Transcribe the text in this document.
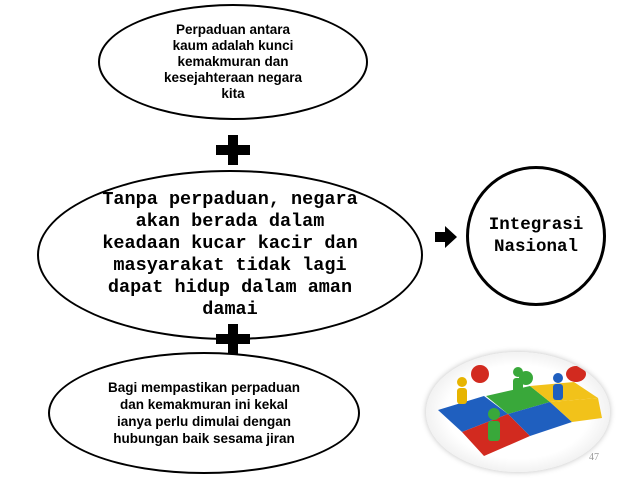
Perpaduan antara
kaum adalah kunci
kemakmuran dan
kesejahteraan negara
kita
Tanpa perpaduan, negara
akan berada dalam
keadaan kucar kacir dan
masyarakat tidak lagi
dapat hidup dalam aman
damai
Integrasi
Nasional
Bagi mempastikan perpaduan
dan kemakmuran ini kekal
ianya perlu dimulai dengan
hubungan baik sesama jiran
47
